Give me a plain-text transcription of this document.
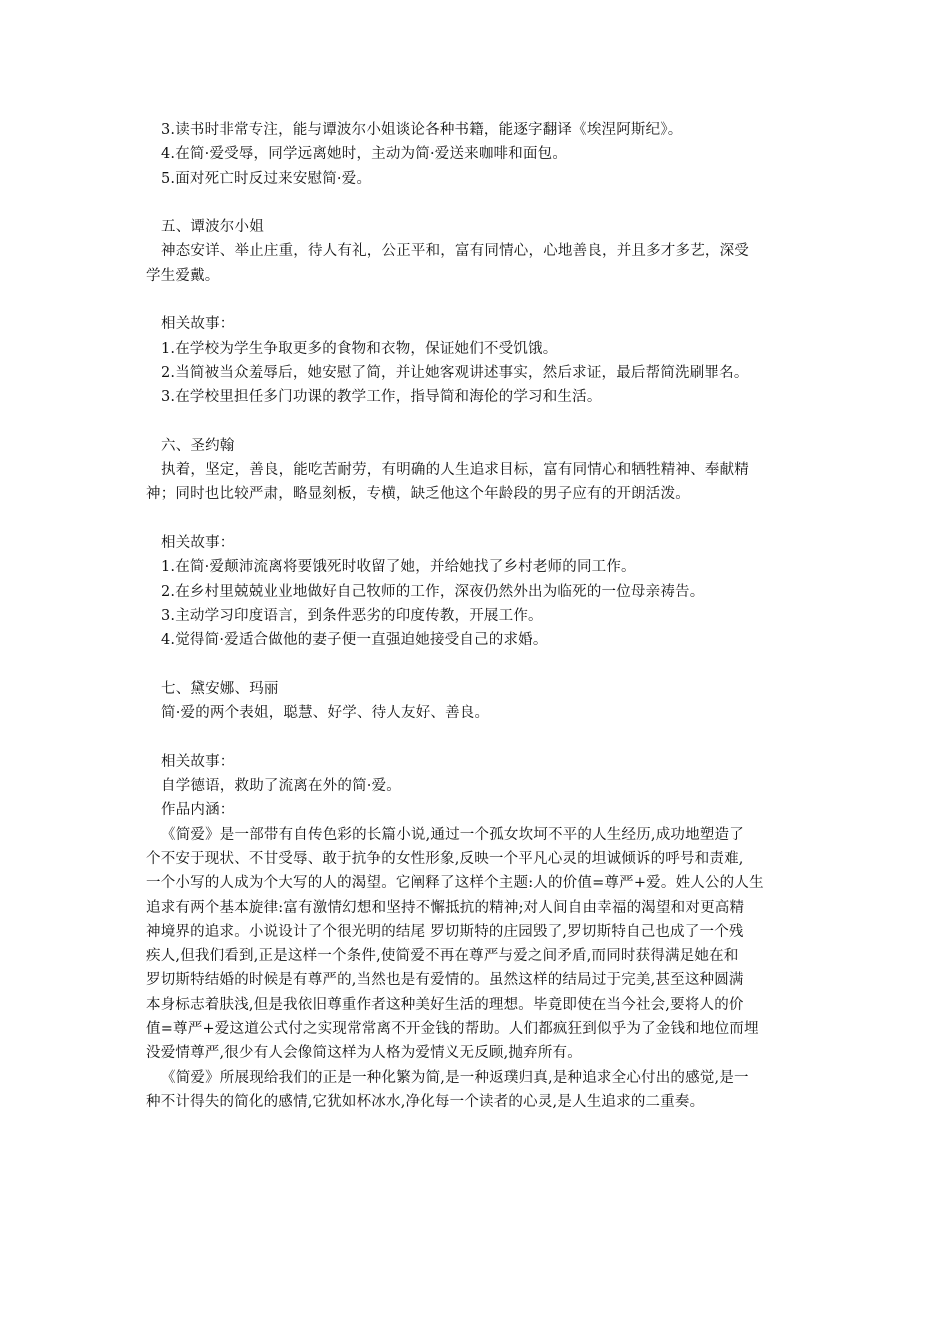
3.读书时非常专注，能与谭波尔小姐谈论各种书籍，能逐字翻译《埃涅阿斯纪》。
4.在简·爱受辱，同学远离她时，主动为简·爱送来咖啡和面包。
5.面对死亡时反过来安慰简·爱。
五、谭波尔小姐
神态安详、举止庄重，待人有礼，公正平和，富有同情心，心地善良，并且多才多艺，深受
学生爱戴。
相关故事：
1.在学校为学生争取更多的食物和衣物，保证她们不受饥饿。
2.当简被当众羞辱后，她安慰了简，并让她客观讲述事实，然后求证，最后帮简洗刷罪名。
3.在学校里担任多门功课的教学工作，指导简和海伦的学习和生活。
六、圣约翰
执着，坚定，善良，能吃苦耐劳，有明确的人生追求目标，富有同情心和牺牲精神、奉献精
神；同时也比较严肃，略显刻板，专横，缺乏他这个年龄段的男子应有的开朗活泼。
相关故事：
1.在简·爱颠沛流离将要饿死时收留了她，并给她找了乡村老师的同工作。
2.在乡村里兢兢业业地做好自己牧师的工作，深夜仍然外出为临死的一位母亲祷告。
3.主动学习印度语言，到条件恶劣的印度传教，开展工作。
4.觉得简·爱适合做他的妻子便一直强迫她接受自己的求婚。
七、黛安娜、玛丽
简·爱的两个表姐，聪慧、好学、待人友好、善良。
相关故事：
自学德语，救助了流离在外的简·爱。
作品内涵：
《简爱》是一部带有自传色彩的长篇小说,通过一个孤女坎坷不平的人生经历,成功地塑造了
个不安于现状、不甘受辱、敢于抗争的女性形象,反映一个平凡心灵的坦诚倾诉的呼号和责难,
一个小写的人成为个大写的人的渴望。它阐释了这样个主题:人的价值=尊严+爱。姓人公的人生
追求有两个基本旋律:富有激情幻想和坚持不懈抵抗的精神;对人间自由幸福的渴望和对更高精
神境界的追求。小说设计了个很光明的结尾 罗切斯特的庄园毁了,罗切斯特自己也成了一个残
疾人,但我们看到,正是这样一个条件,使简爱不再在尊严与爱之间矛盾,而同时获得满足她在和
罗切斯特结婚的时候是有尊严的,当然也是有爱情的。虽然这样的结局过于完美,甚至这种圆满
本身标志着肤浅,但是我依旧尊重作者这种美好生活的理想。毕竟即使在当今社会,要将人的价
值=尊严+爱这道公式付之实现常常离不开金钱的帮助。人们都疯狂到似乎为了金钱和地位而埋
没爱情尊严,很少有人会像简这样为人格为爱情义无反顾,抛弃所有。
《简爱》所展现给我们的正是一种化繁为简,是一种返璞归真,是种追求全心付出的感觉,是一
种不计得失的简化的感情,它犹如杯冰水,净化每一个读者的心灵,是人生追求的二重奏。
